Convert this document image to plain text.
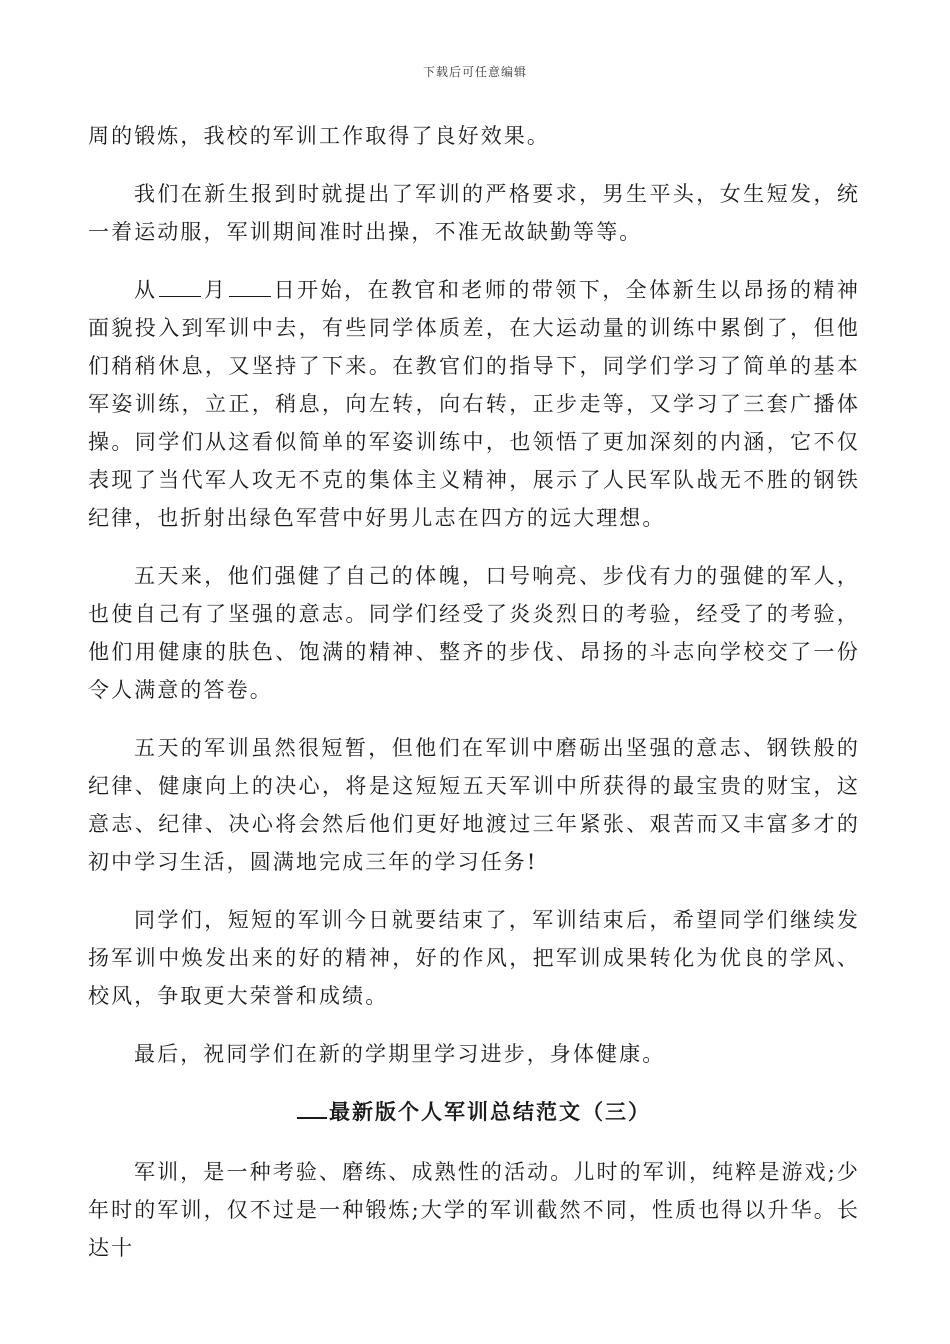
下载后可任意编辑

周的锻炼，我校的军训工作取得了良好效果。

我们在新生报到时就提出了军训的严格要求，男生平头，女生短发，统一着运动服，军训期间准时出操，不准无故缺勤等等。

从 月 日开始，在教官和老师的带领下，全体新生以昂扬的精神面貌投入到军训中去，有些同学体质差，在大运动量的训练中累倒了，但他们稍稍休息，又坚持了下来。在教官们的指导下，同学们学习了简单的基本军姿训练，立正，稍息，向左转，向右转，正步走等，又学习了三套广播体操。同学们从这看似简单的军姿训练中，也领悟了更加深刻的内涵，它不仅表现了当代军人攻无不克的集体主义精神，展示了人民军队战无不胜的钢铁纪律，也折射出绿色军营中好男儿志在四方的远大理想。

五天来，他们强健了自己的体魄，口号响亮、步伐有力的强健的军人，也使自己有了坚强的意志。同学们经受了炎炎烈日的考验，经受了的考验，他们用健康的肤色、饱满的精神、整齐的步伐、昂扬的斗志向学校交了一份令人满意的答卷。

五天的军训虽然很短暂，但他们在军训中磨砺出坚强的意志、钢铁般的纪律、健康向上的决心，将是这短短五天军训中所获得的最宝贵的财宝，这意志、纪律、决心将会然后他们更好地渡过三年紧张、艰苦而又丰富多才的初中学习生活，圆满地完成三年的学习任务!

同学们，短短的军训今日就要结束了，军训结束后，希望同学们继续发扬军训中焕发出来的好的精神，好的作风，把军训成果转化为优良的学风、校风，争取更大荣誉和成绩。

最后，祝同学们在新的学期里学习进步，身体健康。

最新版个人军训总结范文（三）

军训，是一种考验、磨练、成熟性的活动。儿时的军训，纯粹是游戏;少年时的军训，仅不过是一种锻炼;大学的军训截然不同，性质也得以升华。长达十
